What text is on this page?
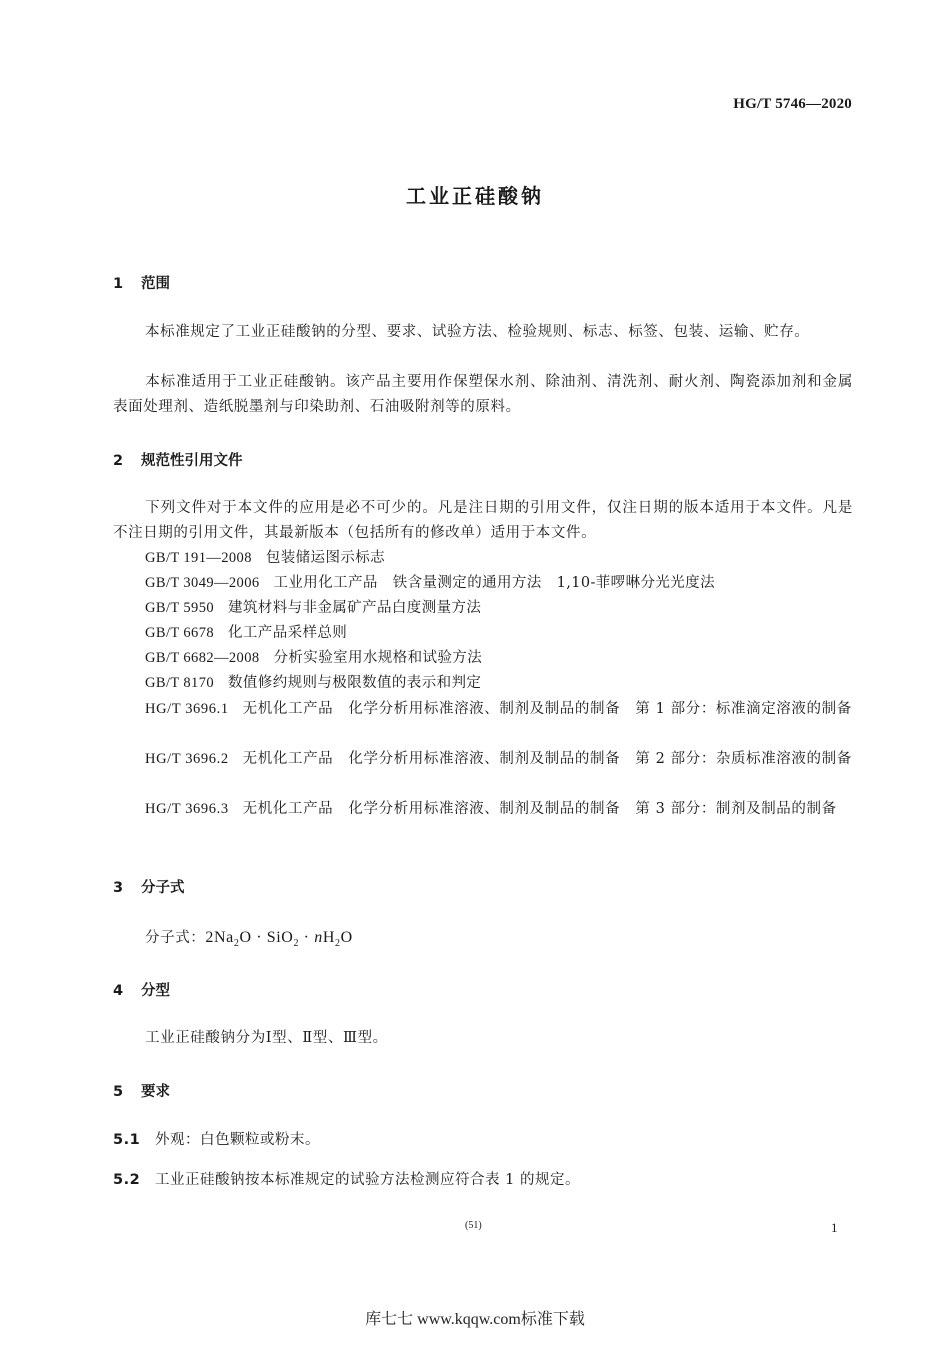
HG/T 5746—2020
工业正硅酸钠
1 范围
本标准规定了工业正硅酸钠的分型、要求、试验方法、检验规则、标志、标签、包装、运输、贮存。
本标准适用于工业正硅酸钠。该产品主要用作保塑保水剂、除油剂、清洗剂、耐火剂、陶瓷添加剂和金属表面处理剂、造纸脱墨剂与印染助剂、石油吸附剂等的原料。
2 规范性引用文件
下列文件对于本文件的应用是必不可少的。凡是注日期的引用文件，仅注日期的版本适用于本文件。凡是不注日期的引用文件，其最新版本（包括所有的修改单）适用于本文件。
GB/T 191—2008 包装储运图示标志
GB/T 3049—2006 工业用化工产品　铁含量测定的通用方法　1,10-菲啰啉分光光度法
GB/T 5950 建筑材料与非金属矿产品白度测量方法
GB/T 6678 化工产品采样总则
GB/T 6682—2008 分析实验室用水规格和试验方法
GB/T 8170 数值修约规则与极限数值的表示和判定
HG/T 3696.1 无机化工产品　化学分析用标准溶液、制剂及制品的制备　第 1 部分：标准滴定溶液的制备
HG/T 3696.2 无机化工产品　化学分析用标准溶液、制剂及制品的制备　第 2 部分：杂质标准溶液的制备
HG/T 3696.3 无机化工产品　化学分析用标准溶液、制剂及制品的制备　第 3 部分：制剂及制品的制备
3 分子式
分子式：$2Na_2O \cdot SiO_2 \cdot nH_2O$
4 分型
工业正硅酸钠分为Ⅰ型、Ⅱ型、Ⅲ型。
5 要求
5.1 外观：白色颗粒或粉末。
5.2 工业正硅酸钠按本标准规定的试验方法检测应符合表 1 的规定。
(51)	1
库七七 www.kqqw.com标准下载
